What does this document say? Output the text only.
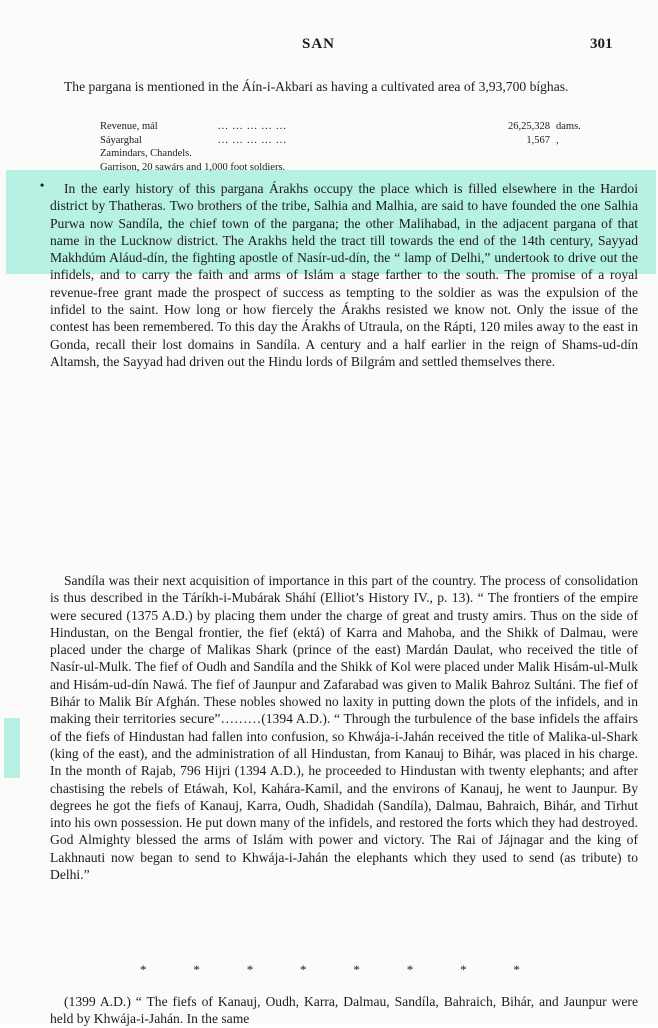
SAN	301

The pargana is mentioned in the Áín-i-Akbari as having a cultivated area of 3,93,700 bíghas.

Revenue, mál	... ... ... ... ...	26,25,328 dams.
Sáyarghal	... ... ... ... ...	1,567 ,
Zamindars, Chandels.
Garrison, 20 sawárs and 1,000 foot soldiers.
•	In the early history of this pargana Árakhs occupy the place which is filled elsewhere in the Hardoi district by Thatheras. Two brothers of the tribe, Salhia and Malhia, are said to have founded the one Salhia Purwa now Sandíla, the chief town of the pargana; the other Malihabad, in the adjacent pargana of that name in the Lucknow district. The Arakhs held the tract till towards the end of the 14th century, Sayyad Makhdúm Aláud-dín, the fighting apostle of Nasír-ud-dín, the “ lamp of Delhi,” undertook to drive out the infidels, and to carry the faith and arms of Islám a stage farther to the south. The promise of a royal revenue-free grant made the prospect of success as tempting to the soldier as was the expulsion of the infidel to the saint. How long or how fiercely the Árakhs resisted we know not. Only the issue of the contest has been remembered. To this day the Árakhs of Utraula, on the Rápti, 120 miles away to the east in Gonda, recall their lost domains in Sandíla. A century and a half earlier in the reign of Shams-ud-dín Altamsh, the Sayyad had driven out the Hindu lords of Bilgrám and settled themselves there.

Sandíla was their next acquisition of importance in this part of the country. The process of consolidation is thus described in the Táríkh-i-Mubárak Sháhí (Elliot’s History IV., p. 13). “ The frontiers of the empire were secured (1375 A.D.) by placing them under the charge of great and trusty amirs. Thus on the side of Hindustan, on the Bengal frontier, the fief (ektá) of Karra and Mahoba, and the Shikk of Dalmau, were placed under the charge of Malikas Shark (prince of the east) Mardán Daulat, who received the title of Nasír-ul-Mulk. The fief of Oudh and Sandíla and the Shikk of Kol were placed under Malik Hisám-ul-Mulk and Hisám-ud-dín Nawá. The fief of Jaunpur and Zafarabad was given to Malik Bahroz Sultáni. The fief of Bihár to Malik Bír Afghán. These nobles showed no laxity in putting down the plots of the infidels, and in making their territories secure”………(1394 A.D.). “ Through the turbulence of the base infidels the affairs of the fiefs of Hindustan had fallen into confusion, so Khwája-i-Jahán received the title of Malika-ul-Shark (king of the east), and the administration of all Hindustan, from Kanauj to Bihár, was placed in his charge. In the month of Rajab, 796 Hijri (1394 A.D.), he proceeded to Hindustan with twenty elephants; and after chastising the rebels of Etáwah, Kol, Kahára-Kamil, and the environs of Kanauj, he went to Jaunpur. By degrees he got the fiefs of Kanauj, Karra, Oudh, Shadidah (Sandíla), Dalmau, Bahraich, Bihár, and Tirhut into his own possession. He put down many of the infidels, and restored the forts which they had destroyed. God Almighty blessed the arms of Islám with power and victory. The Rai of Jájnagar and the king of Lakhnauti now began to send to Khwája-i-Jahán the elephants which they used to send (as tribute) to Delhi.”

*	*	*	*	*	*	*	*

(1399 A.D.) “ The fiefs of Kanauj, Oudh, Karra, Dalmau, Sandíla, Bahraich, Bihár, and Jaunpur were held by Khwája-i-Jahán. In the same
